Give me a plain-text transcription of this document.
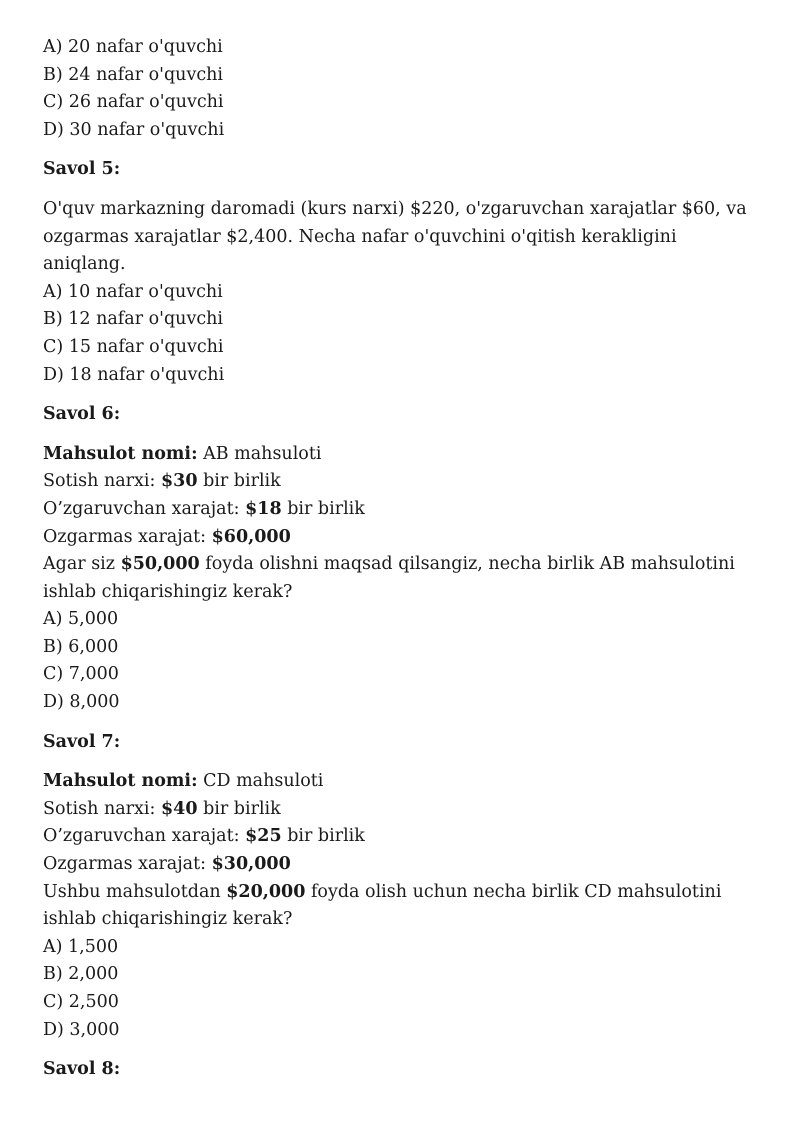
A) 20 nafar o'quvchi
B) 24 nafar o'quvchi
C) 26 nafar o'quvchi
D) 30 nafar o'quvchi
Savol 5:
O'quv markazning daromadi (kurs narxi) $220, o'zgaruvchan xarajatlar $60, va
ozgarmas xarajatlar $2,400. Necha nafar o'quvchini o'qitish kerakligini
aniqlang.
A) 10 nafar o'quvchi
B) 12 nafar o'quvchi
C) 15 nafar o'quvchi
D) 18 nafar o'quvchi
Savol 6:
Mahsulot nomi: AB mahsuloti
Sotish narxi: $30 bir birlik
O’zgaruvchan xarajat: $18 bir birlik
Ozgarmas xarajat: $60,000
Agar siz $50,000 foyda olishni maqsad qilsangiz, necha birlik AB mahsulotini
ishlab chiqarishingiz kerak?
A) 5,000
B) 6,000
C) 7,000
D) 8,000
Savol 7:
Mahsulot nomi: CD mahsuloti
Sotish narxi: $40 bir birlik
O’zgaruvchan xarajat: $25 bir birlik
Ozgarmas xarajat: $30,000
Ushbu mahsulotdan $20,000 foyda olish uchun necha birlik CD mahsulotini
ishlab chiqarishingiz kerak?
A) 1,500
B) 2,000
C) 2,500
D) 3,000
Savol 8:
